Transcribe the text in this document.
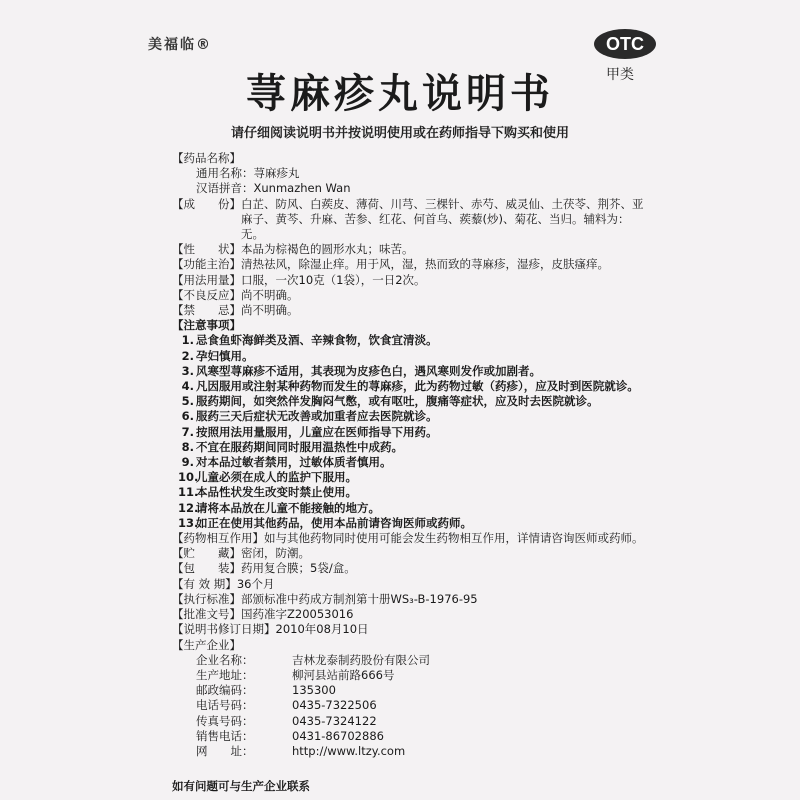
美福临®	OTC
甲类
荨麻疹丸说明书
请仔细阅读说明书并按说明使用或在药师指导下购买和使用
【药品名称】
通用名称： 荨麻疹丸
汉语拼音： Xunmazhen Wan
【成　　份】 白芷、防风、白蒺皮、薄荷、川芎、三棵针、赤芍、威灵仙、土茯苓、荆芥、亚麻子、黄芩、升麻、苦参、红花、何首乌、蒺藜(炒)、菊花、当归。辅料为：无。
【性　　状】 本品为棕褐色的圆形水丸；味苦。
【功能主治】 清热祛风，除湿止痒。用于风，湿，热而致的荨麻疹，湿疹，皮肤瘙痒。
【用法用量】 口服，一次10克（1袋），一日2次。
【不良反应】 尚不明确。
【禁　　忌】 尚不明确。
【注意事项】
1. 忌食鱼虾海鲜类及酒、辛辣食物，饮食宜清淡。
2. 孕妇慎用。
3. 风寒型荨麻疹不适用，其表现为皮疹色白，遇风寒则发作或加剧者。
4. 凡因服用或注射某种药物而发生的荨麻疹，此为药物过敏（药疹），应及时到医院就诊。
5. 服药期间，如突然伴发胸闷气憋，或有呕吐，腹痛等症状，应及时去医院就诊。
6. 服药三天后症状无改善或加重者应去医院就诊。
7. 按照用法用量服用，儿童应在医师指导下用药。
8. 不宜在服药期间同时服用温热性中成药。
9. 对本品过敏者禁用，过敏体质者慎用。
10.儿童必须在成人的监护下服用。
11.本品性状发生改变时禁止使用。
12.请将本品放在儿童不能接触的地方。
13.如正在使用其他药品，使用本品前请咨询医师或药师。
【药物相互作用】 如与其他药物同时使用可能会发生药物相互作用，详情请咨询医师或药师。
【贮　　藏】 密闭，防潮。
【包　　装】 药用复合膜；5袋/盒。
【有 效 期】 36个月
【执行标准】 部颁标准中药成方制剂第十册WS₃-B-1976-95
【批准文号】 国药准字Z20053016
【说明书修订日期】 2010年08月10日
【生产企业】
企业名称：	吉林龙泰制药股份有限公司
生产地址：	柳河县站前路666号
邮政编码：	135300
电话号码：	0435-7322506
传真号码：	0435-7324122
销售电话：	0431-86702886
网　　址：	http://www.ltzy.com
如有问题可与生产企业联系
